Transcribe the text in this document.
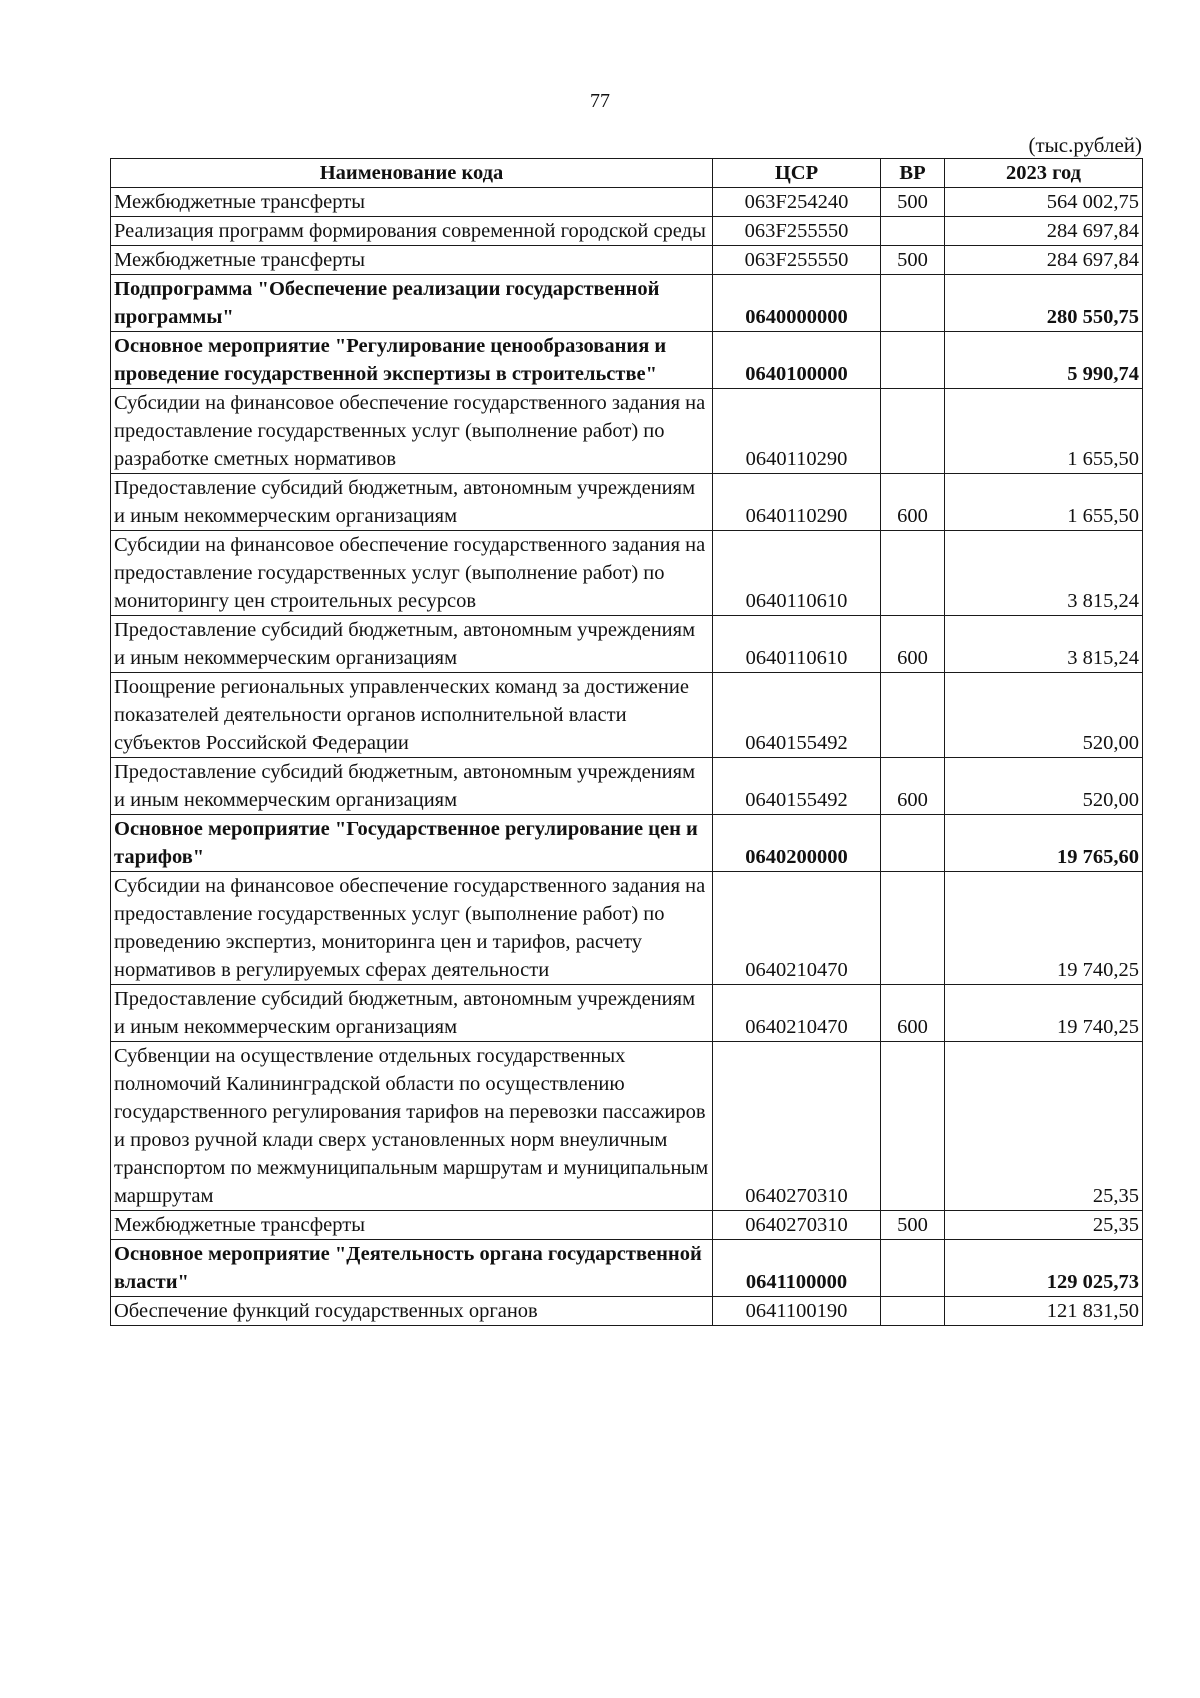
77
(тыс.рублей)
Наименование кода	ЦСР	ВР	2023 год
Межбюджетные трансферты	063F254240	500	564 002,75
Реализация программ формирования современной городской среды	063F255550		284 697,84
Межбюджетные трансферты	063F255550	500	284 697,84
Подпрограмма "Обеспечение реализации государственной программы"	0640000000		280 550,75
Основное мероприятие "Регулирование ценообразования и проведение государственной экспертизы в строительстве"	0640100000		5 990,74
Субсидии на финансовое обеспечение государственного задания на предоставление государственных услуг (выполнение работ) по разработке сметных нормативов	0640110290		1 655,50
Предоставление субсидий бюджетным, автономным учреждениям и иным некоммерческим организациям	0640110290	600	1 655,50
Субсидии на финансовое обеспечение государственного задания на предоставление государственных услуг (выполнение работ) по мониторингу цен строительных ресурсов	0640110610		3 815,24
Предоставление субсидий бюджетным, автономным учреждениям и иным некоммерческим организациям	0640110610	600	3 815,24
Поощрение региональных управленческих команд за достижение показателей деятельности органов исполнительной власти субъектов Российской Федерации	0640155492		520,00
Предоставление субсидий бюджетным, автономным учреждениям и иным некоммерческим организациям	0640155492	600	520,00
Основное мероприятие "Государственное регулирование цен и тарифов"	0640200000		19 765,60
Субсидии на финансовое обеспечение государственного задания на предоставление государственных услуг (выполнение работ) по проведению экспертиз, мониторинга цен и тарифов, расчету нормативов в регулируемых сферах деятельности	0640210470		19 740,25
Предоставление субсидий бюджетным, автономным учреждениям и иным некоммерческим организациям	0640210470	600	19 740,25
Субвенции на осуществление отдельных государственных полномочий Калининградской области по осуществлению государственного регулирования тарифов на перевозки пассажиров и провоз ручной клади сверх установленных норм внеуличным транспортом по межмуниципальным маршрутам и муниципальным маршрутам	0640270310		25,35
Межбюджетные трансферты	0640270310	500	25,35
Основное мероприятие "Деятельность органа государственной власти"	0641100000		129 025,73
Обеспечение функций государственных органов	0641100190		121 831,50
